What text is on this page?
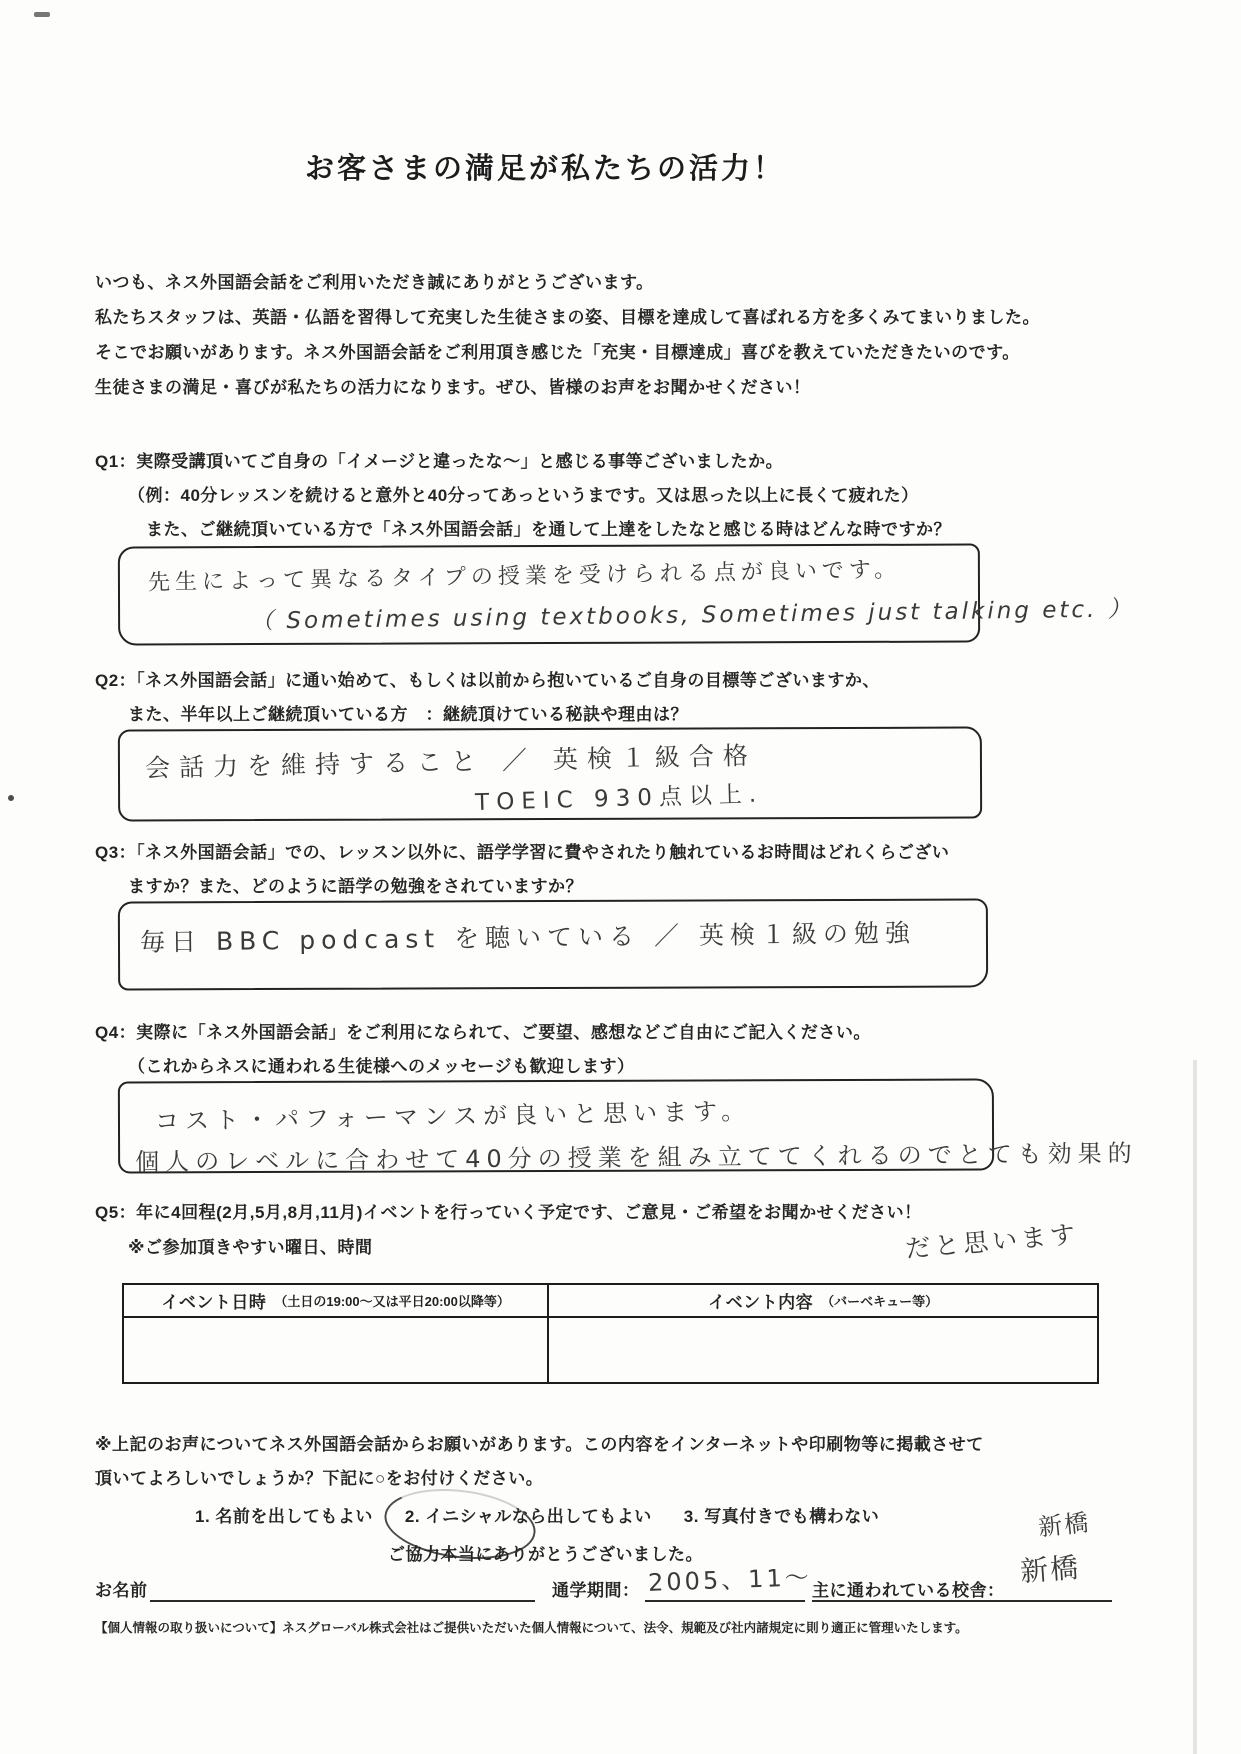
お客さまの満足が私たちの活力！
いつも、ネス外国語会話をご利用いただき誠にありがとうございます。
私たちスタッフは、英語・仏語を習得して充実した生徒さまの姿、目標を達成して喜ばれる方を多くみてまいりました。
そこでお願いがあります。ネス外国語会話をご利用頂き感じた「充実・目標達成」喜びを教えていただきたいのです。
生徒さまの満足・喜びが私たちの活力になります。ぜひ、皆様のお声をお聞かせください！
Q1：実際受講頂いてご自身の「イメージと違ったな～」と感じる事等ございましたか。
（例：40分レッスンを続けると意外と40分ってあっというまです。又は思った以上に長くて疲れた）
また、ご継続頂いている方で「ネス外国語会話」を通して上達をしたなと感じる時はどんな時ですか？
先生によって異なるタイプの授業を受けられる点が良いです。
（ Sometimes using textbooks, Sometimes just talking etc. ）
Q2：「ネス外国語会話」に通い始めて、もしくは以前から抱いているご自身の目標等ございますか、
また、半年以上ご継続頂いている方　：継続頂けている秘訣や理由は？
会話力を維持すること ／ 英検１級合格
TOEIC 930点以上.
Q3：「ネス外国語会話」での、レッスン以外に、語学学習に費やされたり触れているお時間はどれくらござい
ますか？また、どのように語学の勉強をされていますか？
毎日 BBC podcast を聴いている ／ 英検１級の勉強
Q4：実際に「ネス外国語会話」をご利用になられて、ご要望、感想などご自由にご記入ください。
（これからネスに通われる生徒様へのメッセージも歓迎します）
コスト・パフォーマンスが良いと思います。
個人のレベルに合わせて40分の授業を組み立ててくれるのでとても効果的
だと思います
Q5：年に4回程(2月,5月,8月,11月)イベントを行っていく予定です、ご意見・ご希望をお聞かせください！
※ご参加頂きやすい曜日、時間
イベント日時 （土日の19:00～又は平日20:00以降等）	イベント内容 （バーベキュー等）
※上記のお声についてネス外国語会話からお願いがあります。この内容をインターネットや印刷物等に掲載させて
頂いてよろしいでしょうか？下記に○をお付けください。
1. 名前を出してもよい 2. イニシャルなら出してもよい 3. 写真付きでも構わない
ご協力本当にありがとうございました。
新橋
新橋
お名前	通学期間： 2005、11～ 主に通われている校舎：
【個人情報の取り扱いについて】ネスグローバル株式会社はご提供いただいた個人情報について、法令、規範及び社内諸規定に則り適正に管理いたします。
